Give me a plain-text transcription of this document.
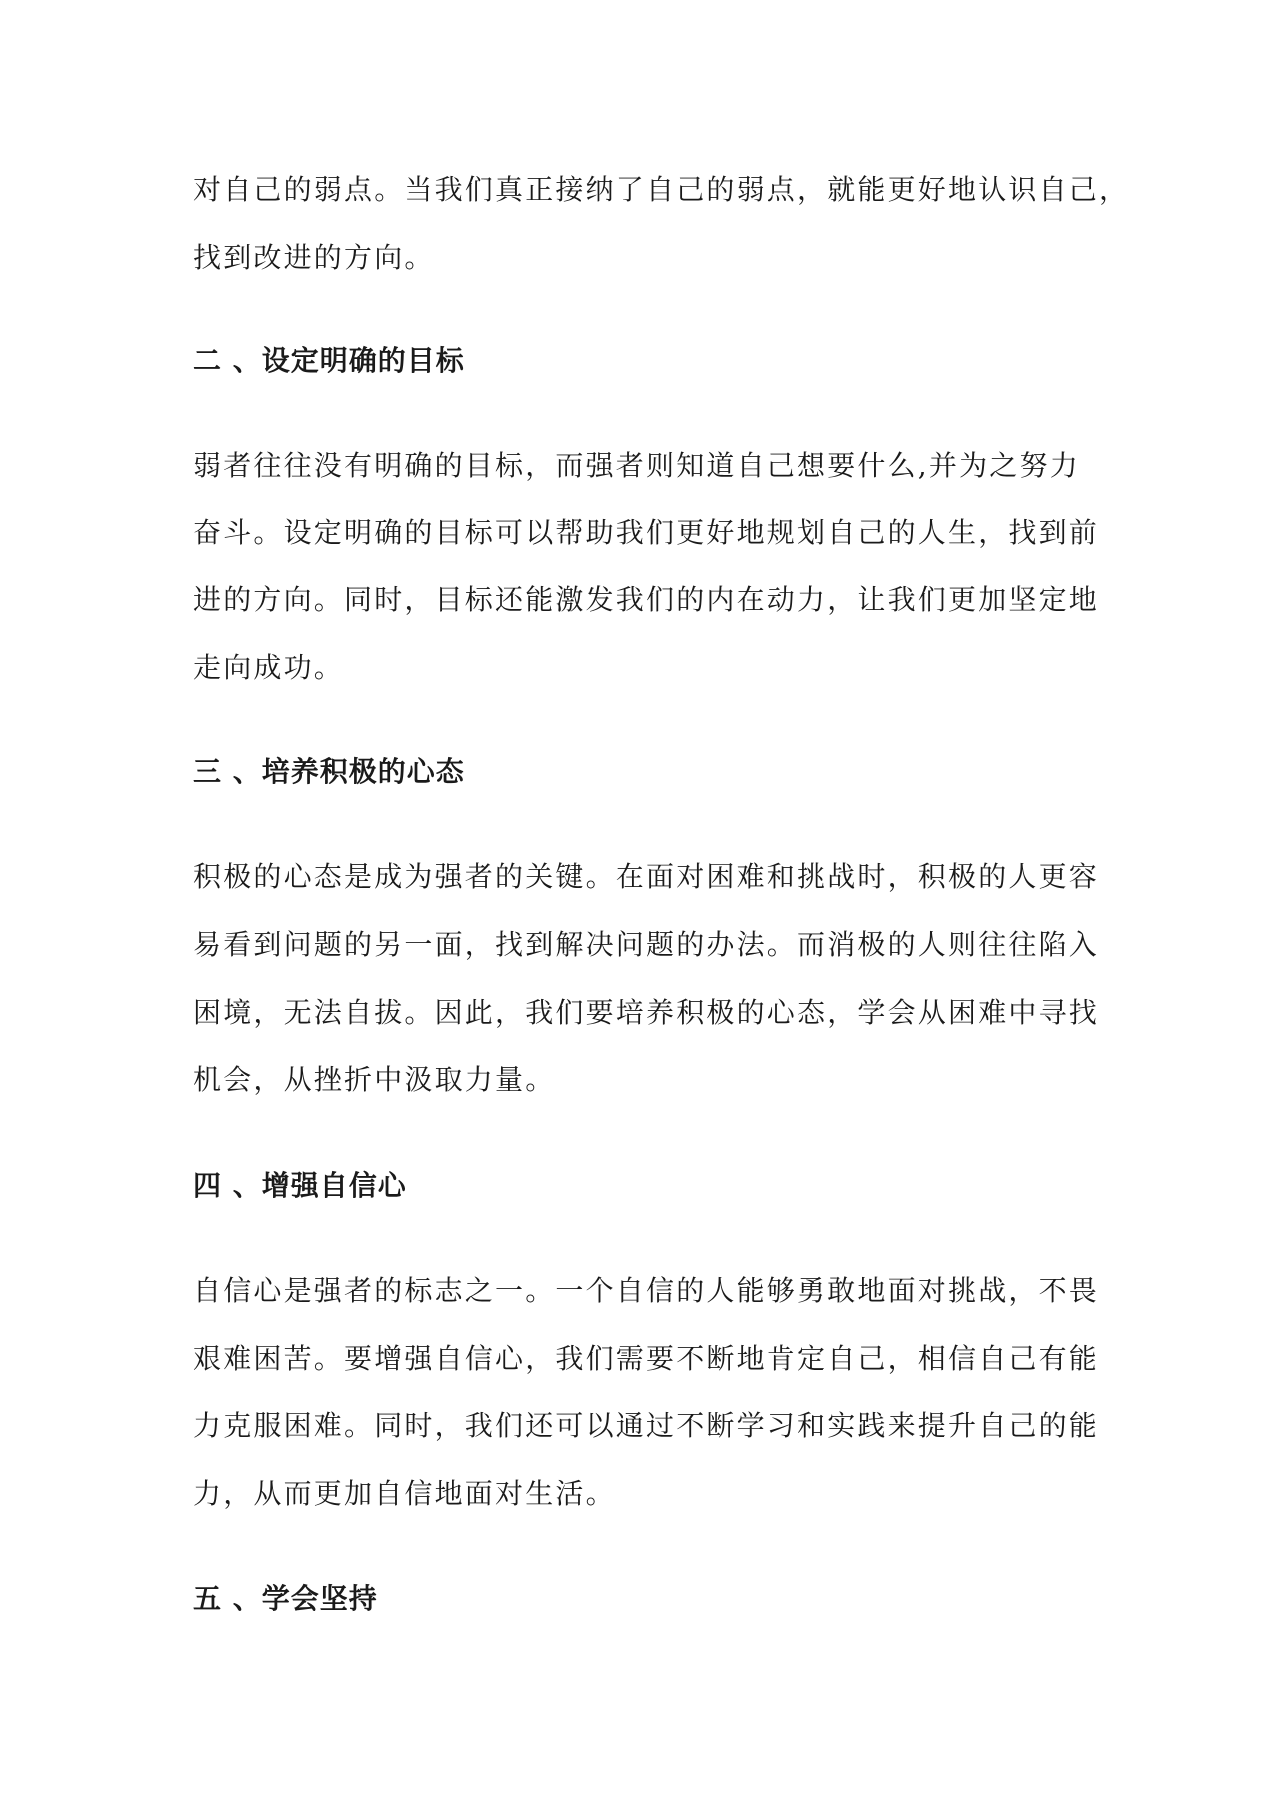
对自己的弱点。当我们真正接纳了自己的弱点，就能更好地认识自己，
找到改进的方向。
二 、设定明确的目标
弱者往往没有明确的目标，而强者则知道自己想要什么,并为之努力
奋斗。设定明确的目标可以帮助我们更好地规划自己的人生，找到前
进的方向。同时，目标还能激发我们的内在动力，让我们更加坚定地
走向成功。
三 、培养积极的心态
积极的心态是成为强者的关键。在面对困难和挑战时，积极的人更容
易看到问题的另一面，找到解决问题的办法。而消极的人则往往陷入
困境，无法自拔。因此，我们要培养积极的心态，学会从困难中寻找
机会，从挫折中汲取力量。
四 、增强自信心
自信心是强者的标志之一。一个自信的人能够勇敢地面对挑战，不畏
艰难困苦。要增强自信心，我们需要不断地肯定自己，相信自己有能
力克服困难。同时，我们还可以通过不断学习和实践来提升自己的能
力，从而更加自信地面对生活。
五 、学会坚持
